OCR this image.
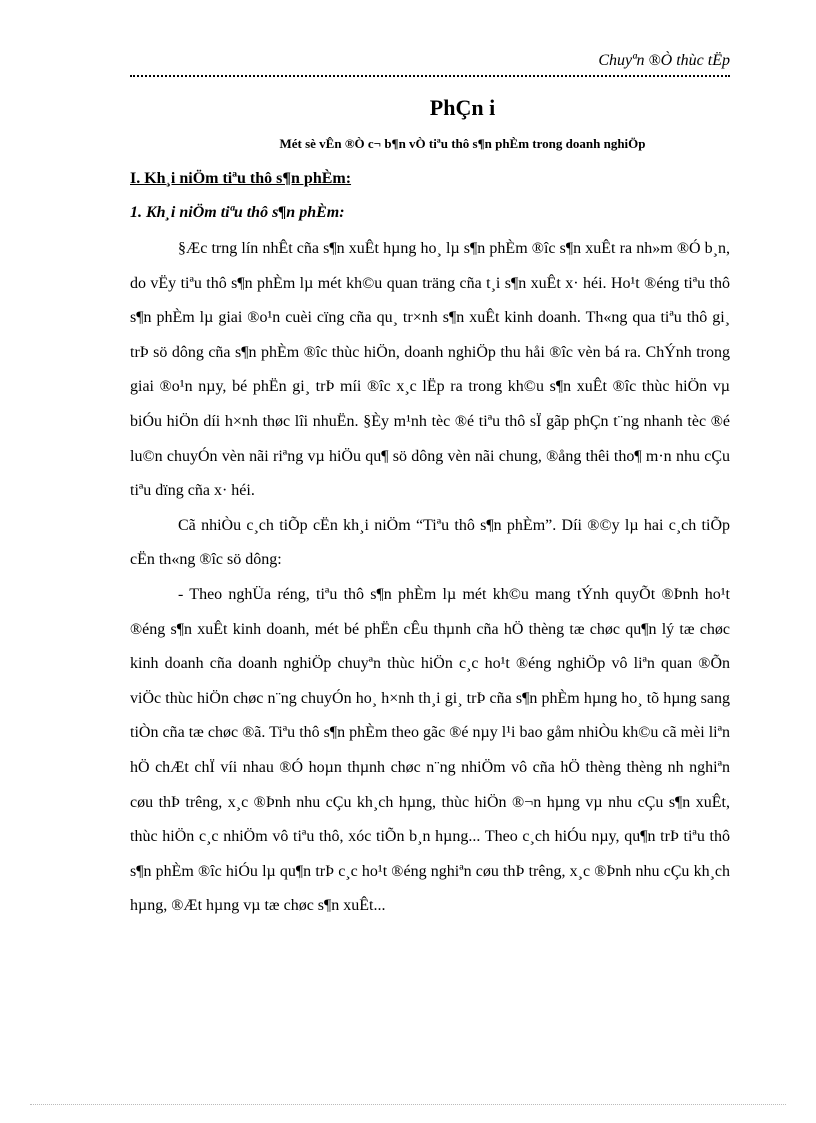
Chuyªn ®Ò thùc tËp
PhÇn i
Mét sè vÊn ®Ò c¬ b¶n vÒ tiªu thô s¶n phÈm trong doanh nghiÖp
I. Kh¸i niÖm tiªu thô s¶n phÈm:
1. Kh¸i niÖm tiªu thô s¶n phÈm:

§Æc trng lín nhÊt cña s¶n xuÊt hµng ho¸ lµ s¶n phÈm ®îc s¶n xuÊt ra nh»m ®Ó b¸n, do vËy tiªu thô s¶n phÈm lµ mét kh©u quan träng cña t¸i s¶n xuÊt x· héi. Ho¹t ®éng tiªu thô s¶n phÈm lµ giai ®o¹n cuèi cïng cña qu¸ tr×nh s¶n xuÊt kinh doanh. Th«ng qua tiªu thô gi¸ trÞ sö dông cña s¶n phÈm ®îc thùc hiÖn, doanh nghiÖp thu håi ®îc vèn bá ra. ChÝnh trong giai ®o¹n nµy, bé phËn gi¸ trÞ míi ®îc x¸c lËp ra trong kh©u s¶n xuÊt ®îc thùc hiÖn vµ biÓu hiÖn díi h×nh thøc lîi nhuËn. §Èy m¹nh tèc ®é tiªu thô sÏ gãp phÇn t¨ng nhanh tèc ®é lu©n chuyÓn vèn nãi riªng vµ hiÖu qu¶ sö dông vèn nãi chung, ®ång thêi tho¶ m·n nhu cÇu tiªu dïng cña x· héi.

Cã nhiÒu c¸ch tiÕp cËn kh¸i niÖm “Tiªu thô s¶n phÈm”. Díi ®©y lµ hai c¸ch tiÕp cËn th«ng ®îc sö dông:

- Theo nghÜa réng, tiªu thô s¶n phÈm lµ mét kh©u mang tÝnh quyÕt ®Þnh ho¹t ®éng s¶n xuÊt kinh doanh, mét bé phËn cÊu thµnh cña hÖ thèng tæ chøc qu¶n lý tæ chøc kinh doanh cña doanh nghiÖp chuyªn thùc hiÖn c¸c ho¹t ®éng nghiÖp vô liªn quan ®Õn viÖc thùc hiÖn chøc n¨ng chuyÓn ho¸ h×nh th¸i gi¸ trÞ cña s¶n phÈm hµng ho¸ tõ hµng sang tiÒn cña tæ chøc ®ã. Tiªu thô s¶n phÈm theo gãc ®é nµy l¹i bao gåm nhiÒu kh©u cã mèi liªn hÖ chÆt chÏ víi nhau ®Ó hoµn thµnh chøc n¨ng nhiÖm vô cña hÖ thèng thèng nh nghiªn cøu thÞ trêng, x¸c ®Þnh nhu cÇu kh¸ch hµng, thùc hiÖn ®¬n hµng vµ nhu cÇu s¶n xuÊt, thùc hiÖn c¸c nhiÖm vô tiªu thô, xóc tiÕn b¸n hµng... Theo c¸ch hiÓu nµy, qu¶n trÞ tiªu thô s¶n phÈm ®îc hiÓu lµ qu¶n trÞ c¸c ho¹t ®éng nghiªn cøu thÞ trêng, x¸c ®Þnh nhu cÇu kh¸ch hµng, ®Æt hµng vµ tæ chøc s¶n xuÊt...
